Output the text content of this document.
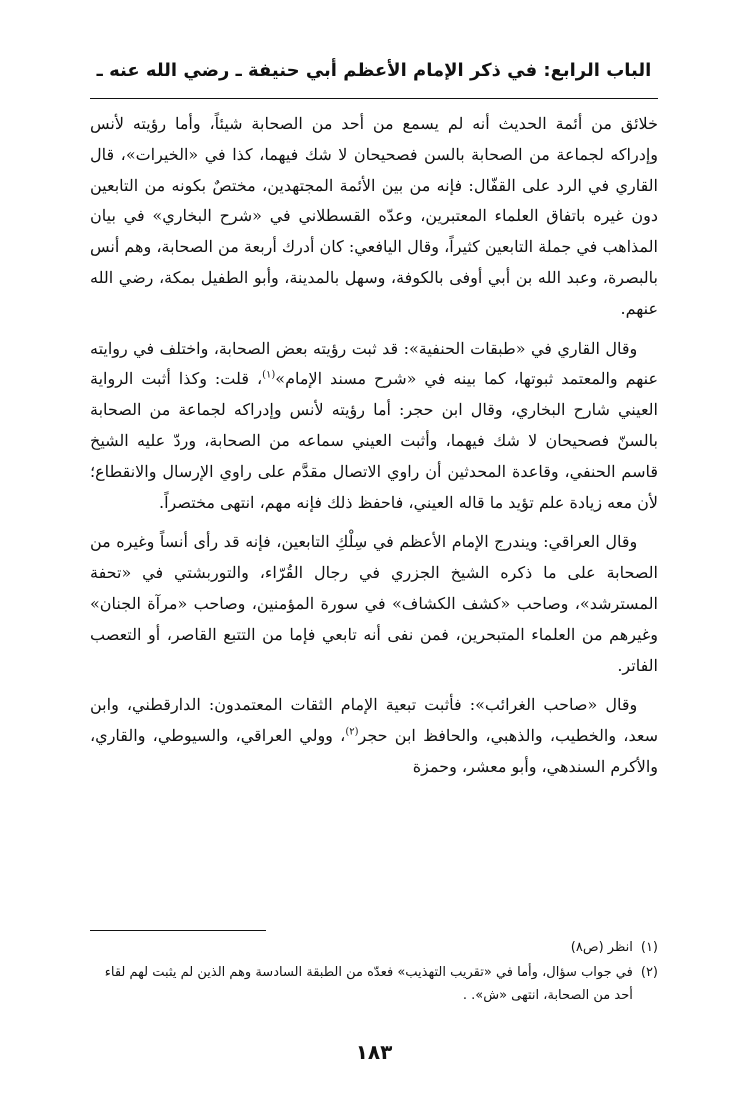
الباب الرابع: في ذكر الإمام الأعظم أبي حنيفة ـ رضي الله عنه ـ

خلائق من أئمة الحديث أنه لم يسمع من أحد من الصحابة شيئاً، وأما رؤيته لأنس وإدراكه لجماعة من الصحابة بالسن فصحيحان لا شك فيهما، كذا في «الخيرات»، قال القاري في الرد على القفّال: فإنه من بين الأئمة المجتهدين، مختصٌ بكونه من التابعين دون غيره باتفاق العلماء المعتبرين، وعدّه القسطلاني في «شرح البخاري» في بيان المذاهب في جملة التابعين كثيراً، وقال اليافعي: كان أدرك أربعة من الصحابة، وهم أنس بالبصرة، وعبد الله بن أبي أوفى بالكوفة، وسهل بالمدينة، وأبو الطفيل بمكة، رضي الله عنهم.

وقال القاري في «طبقات الحنفية»: قد ثبت رؤيته بعض الصحابة، واختلف في روايته عنهم والمعتمد ثبوتها، كما بينه في «شرح مسند الإمام»$^{(١)}$، قلت: وكذا أثبت الرواية العيني شارح البخاري، وقال ابن حجر: أما رؤيته لأنس وإدراكه لجماعة من الصحابة بالسنّ فصحيحان لا شك فيهما، وأثبت العيني سماعه من الصحابة، وردّ عليه الشيخ قاسم الحنفي، وقاعدة المحدثين أن راوي الاتصال مقدَّم على راوي الإرسال والانقطاع؛ لأن معه زيادة علم تؤيد ما قاله العيني، فاحفظ ذلك فإنه مهم، انتهى مختصراً.

وقال العراقي: ويندرج الإمام الأعظم في سِلْكِ التابعين، فإنه قد رأى أنساً وغيره من الصحابة على ما ذكره الشيخ الجزري في رجال القُرّاء، والتوربشتي في «تحفة المسترشد»، وصاحب «كشف الكشاف» في سورة المؤمنين، وصاحب «مرآة الجنان» وغيرهم من العلماء المتبحرين، فمن نفى أنه تابعي فإما من التتبع القاصر، أو التعصب الفاتر.

وقال «صاحب الغرائب»: فأثبت تبعية الإمام الثقات المعتمدون: الدارقطني، وابن سعد، والخطيب، والذهبي، والحافظ ابن حجر$^{(٢)}$، وولي العراقي، والسيوطي، والقاري، والأكرم السندهي، وأبو معشر، وحمزة

(١)
انظر (ص٨)
(٢)
في جواب سؤال، وأما في «تقريب التهذيب» فعدّه من الطبقة السادسة وهم الذين لم يثبت لهم لقاء أحد من الصحابة، انتهى «ش». .
١٨٣
